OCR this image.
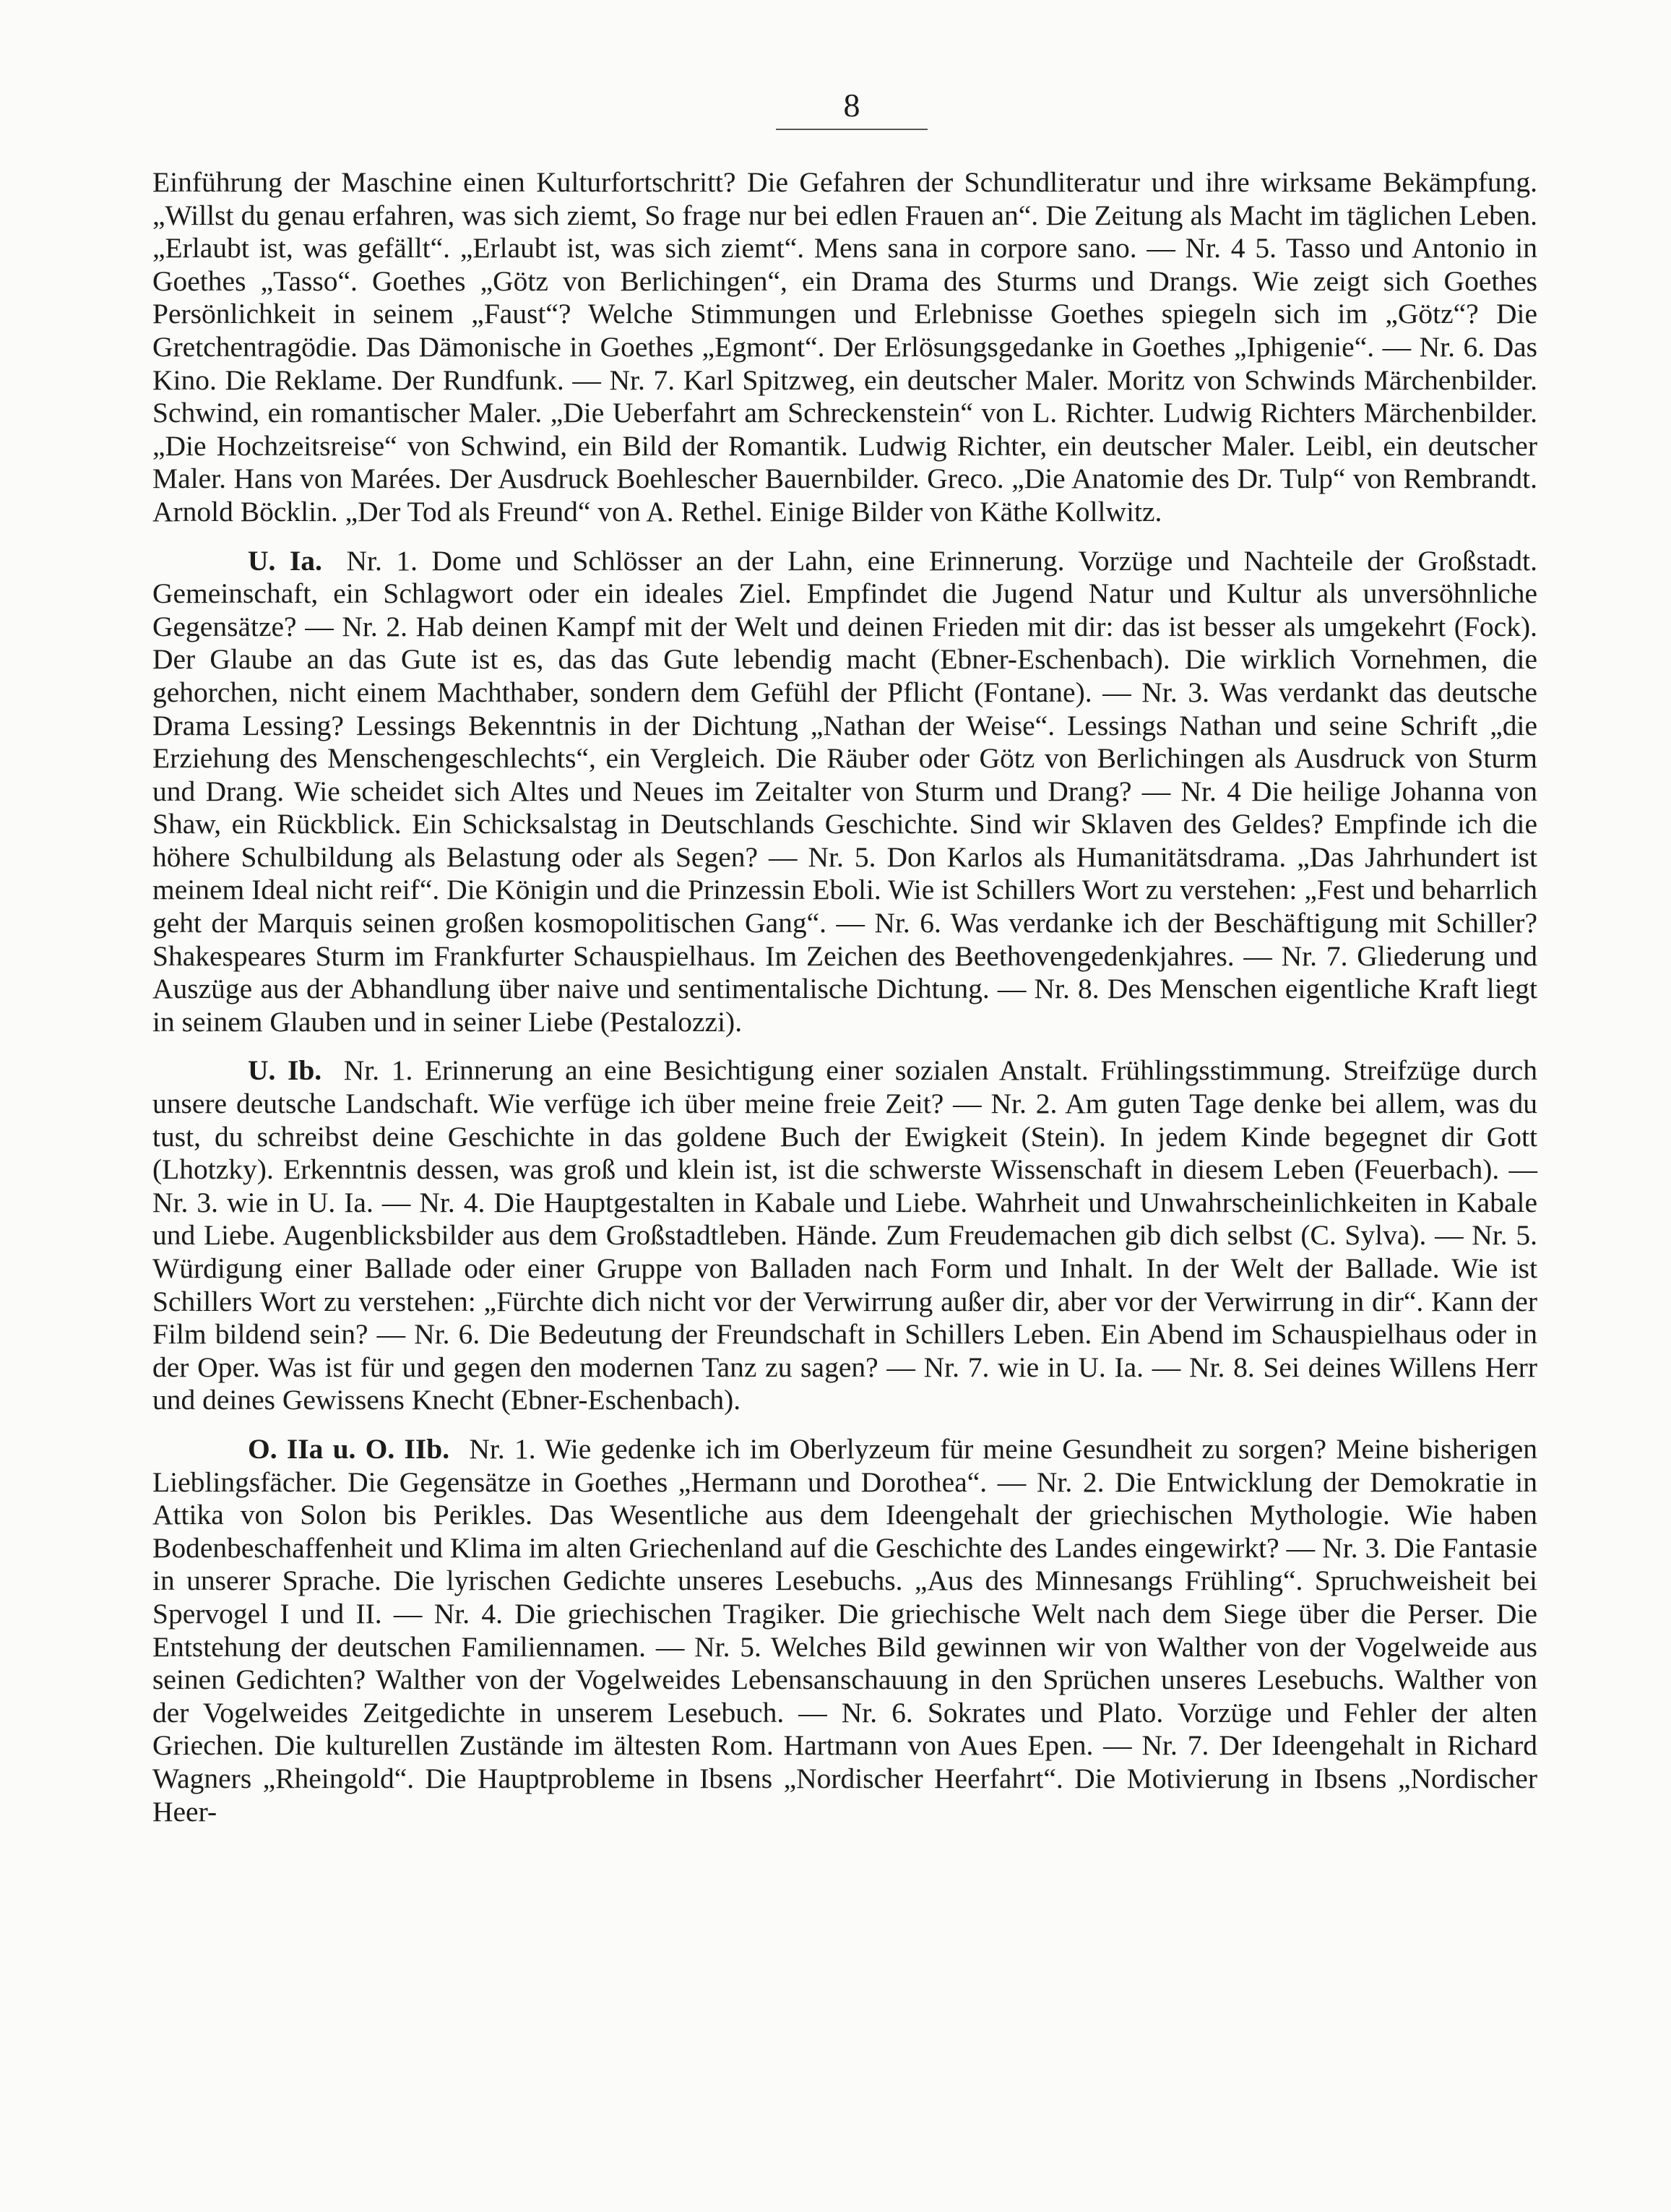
8

Einführung der Maschine einen Kulturfortschritt? Die Gefahren der Schundliteratur und ihre wirksame Bekämpfung. „Willst du genau erfahren, was sich ziemt, So frage nur bei edlen Frauen an“. Die Zeitung als Macht im täglichen Leben. „Erlaubt ist, was gefällt“. „Erlaubt ist, was sich ziemt“. Mens sana in corpore sano. — Nr. 4 5. Tasso und Antonio in Goethes „Tasso“. Goethes „Götz von Berlichingen“, ein Drama des Sturms und Drangs. Wie zeigt sich Goethes Persönlichkeit in seinem „Faust“? Welche Stimmungen und Erlebnisse Goethes spiegeln sich im „Götz“? Die Gretchentragödie. Das Dämonische in Goethes „Egmont“. Der Erlösungsgedanke in Goethes „Iphigenie“. — Nr. 6. Das Kino. Die Reklame. Der Rundfunk. — Nr. 7. Karl Spitzweg, ein deutscher Maler. Moritz von Schwinds Märchenbilder. Schwind, ein romantischer Maler. „Die Ueberfahrt am Schreckenstein“ von L. Richter. Ludwig Richters Märchenbilder. „Die Hochzeitsreise“ von Schwind, ein Bild der Romantik. Ludwig Richter, ein deutscher Maler. Leibl, ein deutscher Maler. Hans von Marées. Der Ausdruck Boehlescher Bauernbilder. Greco. „Die Anatomie des Dr. Tulp“ von Rembrandt. Arnold Böcklin. „Der Tod als Freund“ von A. Rethel. Einige Bilder von Käthe Kollwitz.

U. Ia. Nr. 1. Dome und Schlösser an der Lahn, eine Erinnerung. Vorzüge und Nachteile der Großstadt. Gemeinschaft, ein Schlagwort oder ein ideales Ziel. Empfindet die Jugend Natur und Kultur als unversöhnliche Gegensätze? — Nr. 2. Hab deinen Kampf mit der Welt und deinen Frieden mit dir: das ist besser als umgekehrt (Fock). Der Glaube an das Gute ist es, das das Gute lebendig macht (Ebner-Eschenbach). Die wirklich Vornehmen, die gehorchen, nicht einem Machthaber, sondern dem Gefühl der Pflicht (Fontane). — Nr. 3. Was verdankt das deutsche Drama Lessing? Lessings Bekenntnis in der Dichtung „Nathan der Weise“. Lessings Nathan und seine Schrift „die Erziehung des Menschengeschlechts“, ein Vergleich. Die Räuber oder Götz von Berlichingen als Ausdruck von Sturm und Drang. Wie scheidet sich Altes und Neues im Zeitalter von Sturm und Drang? — Nr. 4 Die heilige Johanna von Shaw, ein Rückblick. Ein Schicksalstag in Deutschlands Geschichte. Sind wir Sklaven des Geldes? Empfinde ich die höhere Schulbildung als Belastung oder als Segen? — Nr. 5. Don Karlos als Humanitätsdrama. „Das Jahrhundert ist meinem Ideal nicht reif“. Die Königin und die Prinzessin Eboli. Wie ist Schillers Wort zu verstehen: „Fest und beharrlich geht der Marquis seinen großen kosmopolitischen Gang“. — Nr. 6. Was verdanke ich der Beschäftigung mit Schiller? Shakespeares Sturm im Frankfurter Schauspielhaus. Im Zeichen des Beethovengedenkjahres. — Nr. 7. Gliederung und Auszüge aus der Abhandlung über naive und sentimentalische Dichtung. — Nr. 8. Des Menschen eigentliche Kraft liegt in seinem Glauben und in seiner Liebe (Pestalozzi).

U. Ib. Nr. 1. Erinnerung an eine Besichtigung einer sozialen Anstalt. Frühlingsstimmung. Streifzüge durch unsere deutsche Landschaft. Wie verfüge ich über meine freie Zeit? — Nr. 2. Am guten Tage denke bei allem, was du tust, du schreibst deine Geschichte in das goldene Buch der Ewigkeit (Stein). In jedem Kinde begegnet dir Gott (Lhotzky). Erkenntnis dessen, was groß und klein ist, ist die schwerste Wissenschaft in diesem Leben (Feuerbach). — Nr. 3. wie in U. Ia. — Nr. 4. Die Hauptgestalten in Kabale und Liebe. Wahrheit und Unwahrscheinlichkeiten in Kabale und Liebe. Augenblicksbilder aus dem Großstadtleben. Hände. Zum Freudemachen gib dich selbst (C. Sylva). — Nr. 5. Würdigung einer Ballade oder einer Gruppe von Balladen nach Form und Inhalt. In der Welt der Ballade. Wie ist Schillers Wort zu verstehen: „Fürchte dich nicht vor der Verwirrung außer dir, aber vor der Verwirrung in dir“. Kann der Film bildend sein? — Nr. 6. Die Bedeutung der Freundschaft in Schillers Leben. Ein Abend im Schauspielhaus oder in der Oper. Was ist für und gegen den modernen Tanz zu sagen? — Nr. 7. wie in U. Ia. — Nr. 8. Sei deines Willens Herr und deines Gewissens Knecht (Ebner-Eschenbach).

O. IIa u. O. IIb. Nr. 1. Wie gedenke ich im Oberlyzeum für meine Gesundheit zu sorgen? Meine bisherigen Lieblingsfächer. Die Gegensätze in Goethes „Hermann und Dorothea“. — Nr. 2. Die Entwicklung der Demokratie in Attika von Solon bis Perikles. Das Wesentliche aus dem Ideengehalt der griechischen Mythologie. Wie haben Bodenbeschaffenheit und Klima im alten Griechenland auf die Geschichte des Landes eingewirkt? — Nr. 3. Die Fantasie in unserer Sprache. Die lyrischen Gedichte unseres Lesebuchs. „Aus des Minnesangs Frühling“. Spruchweisheit bei Spervogel I und II. — Nr. 4. Die griechischen Tragiker. Die griechische Welt nach dem Siege über die Perser. Die Entstehung der deutschen Familiennamen. — Nr. 5. Welches Bild gewinnen wir von Walther von der Vogelweide aus seinen Gedichten? Walther von der Vogelweides Lebensanschauung in den Sprüchen unseres Lesebuchs. Walther von der Vogelweides Zeitgedichte in unserem Lesebuch. — Nr. 6. Sokrates und Plato. Vorzüge und Fehler der alten Griechen. Die kulturellen Zustände im ältesten Rom. Hartmann von Aues Epen. — Nr. 7. Der Ideengehalt in Richard Wagners „Rheingold“. Die Hauptprobleme in Ibsens „Nordischer Heerfahrt“. Die Motivierung in Ibsens „Nordischer Heer-
